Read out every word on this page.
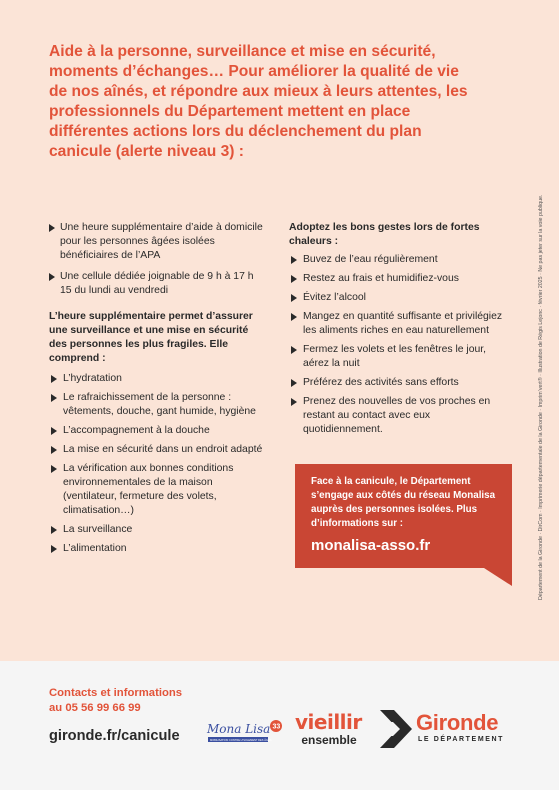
Aide à la personne, surveillance et mise en sécurité, moments d’échanges… Pour améliorer la qualité de vie de nos aînés, et répondre aux mieux à leurs attentes, les professionnels du Département mettent en place différentes actions lors du déclenchement du plan canicule (alerte niveau 3) :
Département de la Gironde · DirCom · Imprimerie départementale de la Gironde · Imprim’vert® · Illustration de Régis Lejonc · février 2025 · Ne pas jeter sur la voie publique.
Une heure supplémentaire d’aide à domicile pour les personnes âgées isolées bénéficiaires de l’APA
Une cellule dédiée joignable de 9 h à 17 h 15 du lundi au vendredi
L’heure supplémentaire permet d’assurer une surveillance et une mise en sécurité des personnes les plus fragiles. Elle comprend :
L’hydratation
Le rafraichissement de la personne : vêtements, douche, gant humide, hygiène
L’accompagnement à la douche
La mise en sécurité dans un endroit adapté
La vérification aux bonnes conditions environnementales de la maison (ventilateur, fermeture des volets, climatisation…)
La surveillance
L’alimentation
Adoptez les bons gestes lors de fortes chaleurs :
Buvez de l’eau régulièrement
Restez au frais et humidifiez-vous
Évitez l’alcool
Mangez en quantité suffisante et privilégiez les aliments riches en eau naturellement
Fermez les volets et les fenêtres le jour, aérez la nuit
Préférez des activités sans efforts
Prenez des nouvelles de vos proches en restant au contact avec eux quotidiennement.
Face à la canicule, le Département s’engage aux côtés du réseau Monalisa auprès des personnes isolées. Plus d’informations sur :
monalisa-asso.fr
Contacts et informations
au 05 56 99 66 99
gironde.fr/canicule Mona Lisa
MOBILISATION CONTRE L’ISOLEMENT DES ÂGÉS
33 vieillir
ensemble
Gironde
LE DÉPARTEMENT
